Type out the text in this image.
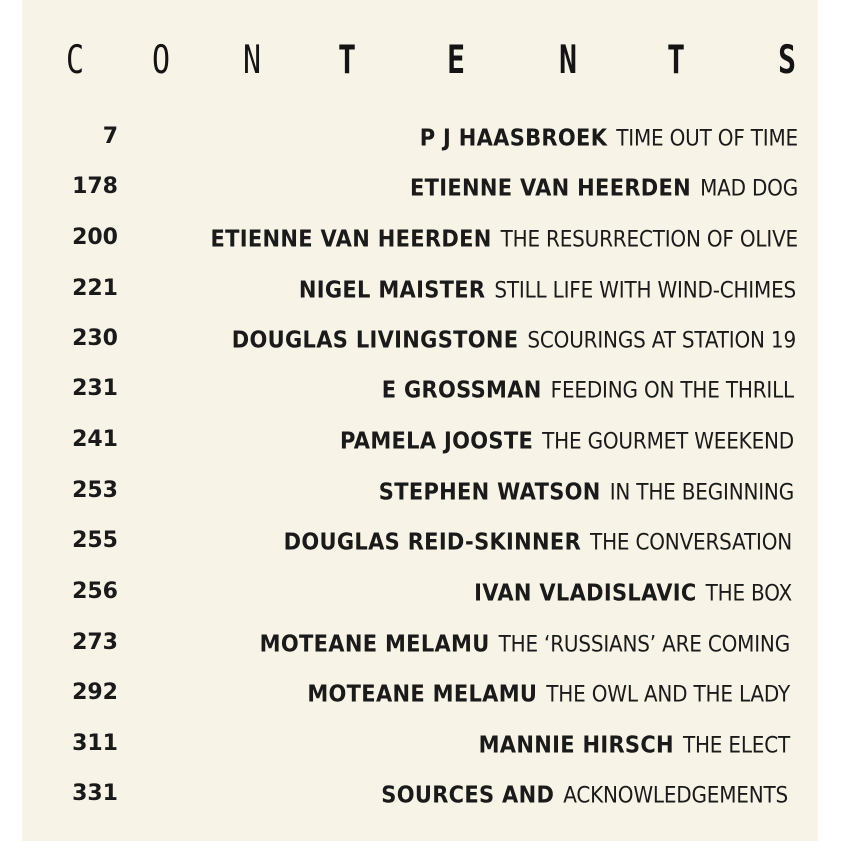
C O N	T	E	N	T	S
7	P J HAASBROEK TIME OUT OF TIME
178	ETIENNE VAN HEERDEN MAD DOG
200	ETIENNE VAN HEERDEN THE RESURRECTION OF OLIVE
221	NIGEL MAISTER STILL LIFE WITH WIND-CHIMES
230	DOUGLAS LIVINGSTONE SCOURINGS AT STATION 19
231	E GROSSMAN FEEDING ON THE THRILL
241	PAMELA JOOSTE THE GOURMET WEEKEND
253	STEPHEN WATSON IN THE BEGINNING
255	DOUGLAS REID-SKINNER THE CONVERSATION
256	IVAN VLADISLAVIC THE BOX
273	MOTEANE MELAMU THE ‘RUSSIANS’ ARE COMING
292	MOTEANE MELAMU THE OWL AND THE LADY
311	MANNIE HIRSCH THE ELECT
331	SOURCES AND ACKNOWLEDGEMENTS
